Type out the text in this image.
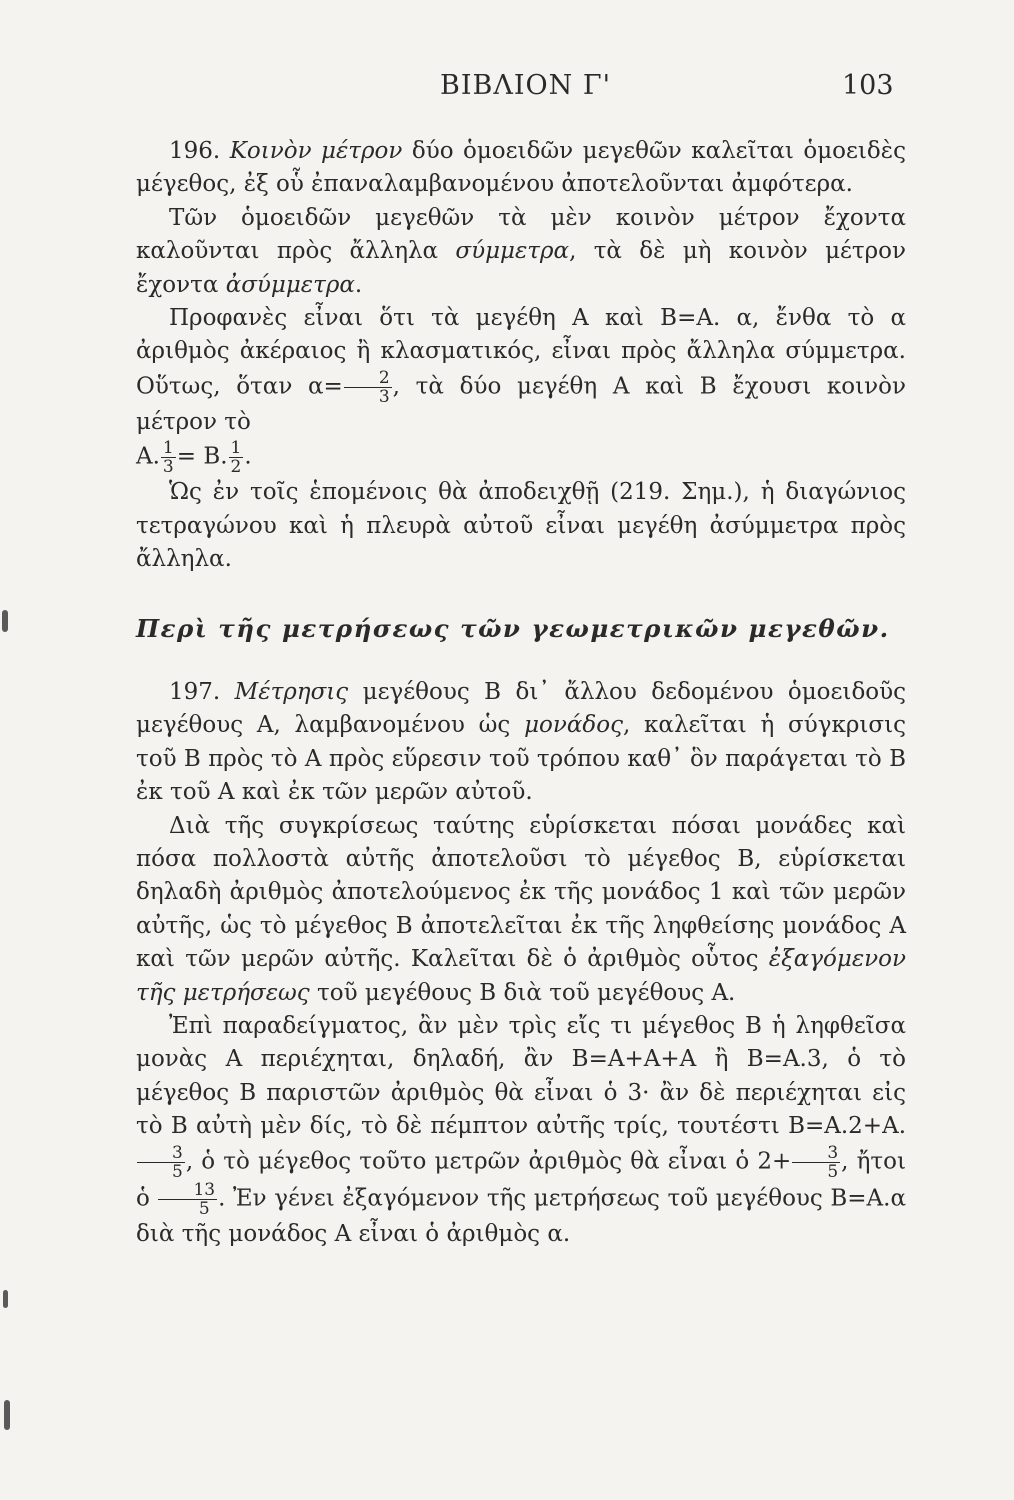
ΒΙΒΛΙΟΝ Γ'	103

196. Κοινὸν μέτρον δύο ὁμοειδῶν μεγεθῶν καλεῖται ὁμοειδὲς μέγεθος, ἐξ οὗ ἐπαναλαμβανομένου ἀποτελοῦνται ἀμφότερα.

Τῶν ὁμοειδῶν μεγεθῶν τὰ μὲν κοινὸν μέτρον ἔχοντα καλοῦνται πρὸς ἄλληλα σύμμετρα, τὰ δὲ μὴ κοινὸν μέτρον ἔχοντα ἀσύμμετρα.

Προφανὲς εἶναι ὅτι τὰ μεγέθη Α καὶ Β=Α. α, ἔνθα τὸ α ἀριθμὸς ἀκέραιος ἢ κλασματικός, εἶναι πρὸς ἄλληλα σύμμετρα. Οὕτως, ὅταν $\alpha= \frac{2}{3}$ , τὰ δύο μεγέθη Α καὶ Β ἔχουσι κοινὸν μέτρον τὸ

Α. $\frac{1}{3} = B$. $\frac{1}{2}$ .

Ὡς ἐν τοῖς ἑπομένοις θὰ ἀποδειχθῇ (219. Σημ.), ἡ διαγώνιος τετραγώνου καὶ ἡ πλευρὰ αὐτοῦ εἶναι μεγέθη ἀσύμμετρα πρὸς ἄλληλα.

Περὶ τῆς μετρήσεως τῶν γεωμετρικῶν μεγεθῶν.

197. Μέτρησις μεγέθους Β δι᾽ ἄλλου δεδομένου ὁμοειδοῦς μεγέθους Α, λαμβανομένου ὡς μονάδος, καλεῖται ἡ σύγκρισις τοῦ Β πρὸς τὸ Α πρὸς εὕρεσιν τοῦ τρόπου καθ᾽ ὃν παράγεται τὸ Β ἐκ τοῦ Α καὶ ἐκ τῶν μερῶν αὐτοῦ.

Διὰ τῆς συγκρίσεως ταύτης εὑρίσκεται πόσαι μονάδες καὶ πόσα πολλοστὰ αὐτῆς ἀποτελοῦσι τὸ μέγεθος Β, εὑρίσκεται δηλαδὴ ἀριθμὸς ἀποτελούμενος ἐκ τῆς μονάδος 1 καὶ τῶν μερῶν αὐτῆς, ὡς τὸ μέγεθος Β ἀποτελεῖται ἐκ τῆς ληφθείσης μονάδος Α καὶ τῶν μερῶν αὐτῆς. Καλεῖται δὲ ὁ ἀριθμὸς οὗτος ἐξαγόμενον τῆς μετρήσεως τοῦ μεγέθους Β διὰ τοῦ μεγέθους Α.

Ἐπὶ παραδείγματος, ἂν μὲν τρὶς εἴς τι μέγεθος Β ἡ ληφθεῖσα μονὰς Α περιέχηται, δηλαδή, ἂν Β=Α+Α+Α ἢ Β=Α.3, ὁ τὸ μέγεθος Β παριστῶν ἀριθμὸς θὰ εἶναι ὁ 3· ἂν δὲ περιέχηται εἰς τὸ Β αὐτὴ μὲν δίς, τὸ δὲ πέμπτον αὐτῆς τρίς, τουτέστι Β=Α.2+Α.
$\frac{3}{5}$ , ὁ τὸ μέγεθος τοῦτο μετρῶν ἀριθμὸς θὰ εἶναι ὁ $2+ \frac{3}{5}$ , ἤτοι ὁ $\frac{13}{5}$ . Ἐν γένει ἐξαγόμενον τῆς μετρήσεως τοῦ μεγέθους Β=Α.α διὰ τῆς μονάδος Α εἶναι ὁ ἀριθμὸς α.
